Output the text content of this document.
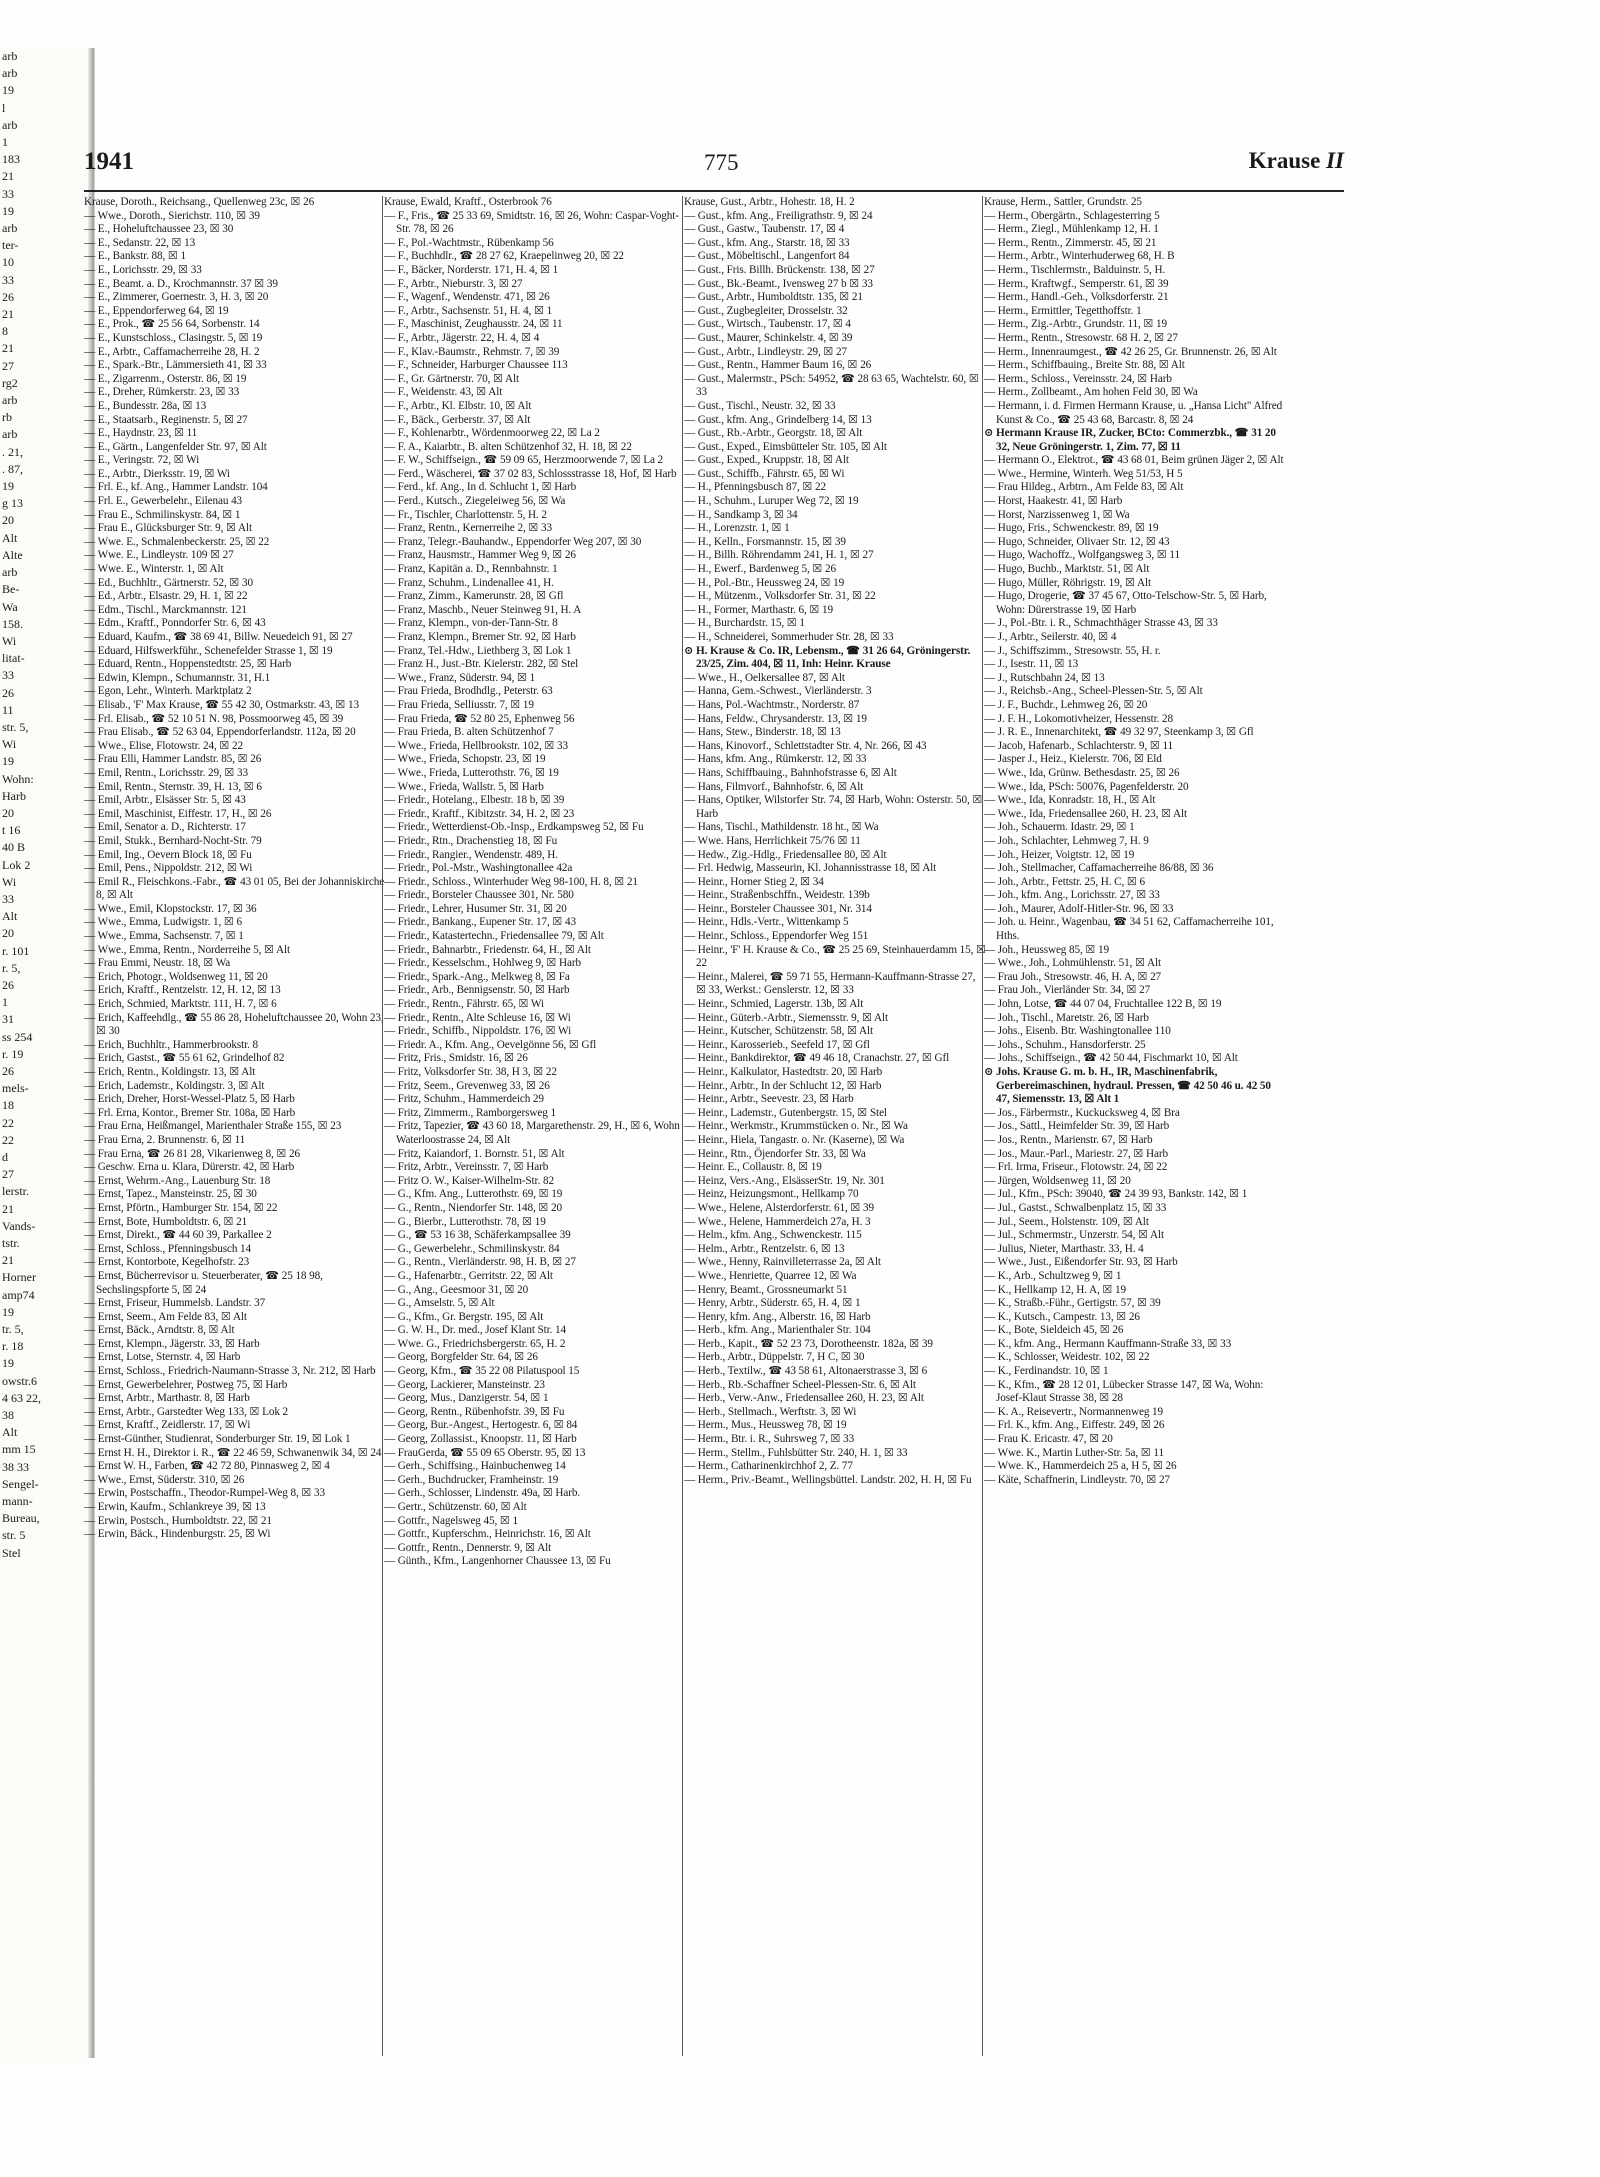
arb
arb
19
l
arb
1
183
21
33
19
arb
ter-
10
33
26
21
8
21
27
rg2
arb
rb
arb
. 21,
. 87,
19
g 13
20
Alt
Alte
arb
Be-
Wa
158.
Wi
litat-
33
26
11
str. 5,
Wi
19
Wohn:
Harb
20
t 16
40 B
Lok 2
Wi
33
Alt
20
r. 101
r. 5,
26
1
31
ss 254
r. 19
26
mels-
18
22
22
d
27
lerstr.
21
Vands-
tstr.
21
Horner
amp74
19
tr. 5,
r. 18
19
owstr.6
4 63 22,
38
Alt
mm 15
38 33
Sengel-
mann-
Bureau,
str. 5
Stel
1941	775	Krause II
Krause, Doroth., Reichsang., Quellenweg 23c, ☒ 26
— Wwe., Doroth., Sierichstr. 110, ☒ 39
— E., Hoheluftchaussee 23, ☒ 30
— E., Sedanstr. 22, ☒ 13
— E., Bankstr. 88, ☒ 1
— E., Lorichsstr. 29, ☒ 33
— E., Beamt. a. D., Krochmannstr. 37 ☒ 39
— E., Zimmerer, Goernestr. 3, H. 3, ☒ 20
— E., Eppendorferweg 64, ☒ 19
— E., Prok., ☎ 25 56 64, Sorbenstr. 14
— E., Kunstschloss., Clasingstr. 5, ☒ 19
— E., Arbtr., Caffamacherreihe 28, H. 2
— E., Spark.-Btr., Lämmersieth 41, ☒ 33
— E., Zigarrenm., Osterstr. 86, ☒ 19
— E., Dreher, Rümkerstr. 23, ☒ 33
— E., Bundesstr. 28a, ☒ 13
— E., Staatsarb., Reginenstr. 5, ☒ 27
— E., Haydnstr. 23, ☒ 11
— E., Gärtn., Langenfelder Str. 97, ☒ Alt
— E., Veringstr. 72, ☒ Wi
— E., Arbtr., Dierksstr. 19, ☒ Wi
— Frl. E., kf. Ang., Hammer Landstr. 104
— Frl. E., Gewerbelehr., Eilenau 43
— Frau E., Schmilinskystr. 84, ☒ 1
— Frau E., Glücksburger Str. 9, ☒ Alt
— Wwe. E., Schmalenbeckerstr. 25, ☒ 22
— Wwe. E., Lindleystr. 109 ☒ 27
— Wwe. E., Winterstr. 1, ☒ Alt
— Ed., Buchhltr., Gärtnerstr. 52, ☒ 30
— Ed., Arbtr., Elsastr. 29, H. 1, ☒ 22
— Edm., Tischl., Marckmannstr. 121
— Edm., Kraftf., Ponndorfer Str. 6, ☒ 43
— Eduard, Kaufm., ☎ 38 69 41, Billw. Neuedeich 91, ☒ 27
— Eduard, Hilfswerkführ., Schenefelder Strasse 1, ☒ 19
— Eduard, Rentn., Hoppenstedtstr. 25, ☒ Harb
— Edwin, Klempn., Schumannstr. 31, H.1
— Egon, Lehr., Winterh. Marktplatz 2
— Elisab., 'F' Max Krause, ☎ 55 42 30, Ostmarkstr. 43, ☒ 13
— Frl. Elisab., ☎ 52 10 51 N. 98, Possmoorweg 45, ☒ 39
— Frau Elisab., ☎ 52 63 04, Eppendorferlandstr. 112a, ☒ 20
— Wwe., Elise, Flotowstr. 24, ☒ 22
— Frau Elli, Hammer Landstr. 85, ☒ 26
— Emil, Rentn., Lorichsstr. 29, ☒ 33
— Emil, Rentn., Sternstr. 39, H. 13, ☒ 6
— Emil, Arbtr., Elsässer Str. 5, ☒ 43
— Emil, Maschinist, Eiffestr. 17, H., ☒ 26
— Emil, Senator a. D., Richterstr. 17
— Emil, Stukk., Bernhard-Nocht-Str. 79
— Emil, Ing., Oevern Block 18, ☒ Fu
— Emil, Pens., Nippoldstr. 212, ☒ Wi
— Emil R., Fleischkons.-Fabr., ☎ 43 01 05, Bei der Johanniskirche 8, ☒ Alt
— Wwe., Emil, Klopstockstr. 17, ☒ 36
— Wwe., Emma, Ludwigstr. 1, ☒ 6
— Wwe., Emma, Sachsenstr. 7, ☒ 1
— Wwe., Emma, Rentn., Norderreihe 5, ☒ Alt
— Frau Emmi, Neustr. 18, ☒ Wa
— Erich, Photogr., Woldsenweg 11, ☒ 20
— Erich, Kraftf., Rentzelstr. 12, H. 12, ☒ 13
— Erich, Schmied, Marktstr. 111, H. 7, ☒ 6
— Erich, Kaffeehdlg., ☎ 55 86 28, Hoheluftchaussee 20, Wohn 23, ☒ 30
— Erich, Buchhltr., Hammerbrookstr. 8
— Erich, Gastst., ☎ 55 61 62, Grindelhof 82
— Erich, Rentn., Koldingstr. 13, ☒ Alt
— Erich, Lademstr., Koldingstr. 3, ☒ Alt
— Erich, Dreher, Horst-Wessel-Platz 5, ☒ Harb
— Frl. Erna, Kontor., Bremer Str. 108a, ☒ Harb
— Frau Erna, Heißmangel, Marienthaler Straße 155, ☒ 23
— Frau Erna, 2. Brunnenstr. 6, ☒ 11
— Frau Erna, ☎ 26 81 28, Vikarienweg 8, ☒ 26
— Geschw. Erna u. Klara, Dürerstr. 42, ☒ Harb
— Ernst, Wehrm.-Ang., Lauenburg Str. 18
— Ernst, Tapez., Mansteinstr. 25, ☒ 30
— Ernst, Pförtn., Hamburger Str. 154, ☒ 22
— Ernst, Bote, Humboldtstr. 6, ☒ 21
— Ernst, Direkt., ☎ 44 60 39, Parkallee 2
— Ernst, Schloss., Pfenningsbusch 14
— Ernst, Kontorbote, Kegelhofstr. 23
— Ernst, Bücherrevisor u. Steuerberater, ☎ 25 18 98, Sechslingspforte 5, ☒ 24
— Ernst, Friseur, Hummelsb. Landstr. 37
— Ernst, Seem., Am Felde 83, ☒ Alt
— Ernst, Bäck., Arndtstr. 8, ☒ Alt
— Ernst, Klempn., Jägerstr. 33, ☒ Harb
— Ernst, Lotse, Sternstr. 4, ☒ Harb
— Ernst, Schloss., Friedrich-Naumann-Strasse 3, Nr. 212, ☒ Harb
— Ernst, Gewerbelehrer, Postweg 75, ☒ Harb
— Ernst, Arbtr., Marthastr. 8, ☒ Harb
— Ernst, Arbtr., Garstedter Weg 133, ☒ Lok 2
— Ernst, Kraftf., Zeidlerstr. 17, ☒ Wi
— Ernst-Günther, Studienrat, Sonderburger Str. 19, ☒ Lok 1
— Ernst H. H., Direktor i. R., ☎ 22 46 59, Schwanenwik 34, ☒ 24
— Ernst W. H., Farben, ☎ 42 72 80, Pinnasweg 2, ☒ 4
— Wwe., Ernst, Süderstr. 310, ☒ 26
— Erwin, Postschaffn., Theodor-Rumpel-Weg 8, ☒ 33
— Erwin, Kaufm., Schlankreye 39, ☒ 13
— Erwin, Postsch., Humboldtstr. 22, ☒ 21
— Erwin, Bäck., Hindenburgstr. 25, ☒ Wi
Krause, Ewald, Kraftf., Osterbrook 76
— F., Fris., ☎ 25 33 69, Smidtstr. 16, ☒ 26, Wohn: Caspar-Voght-Str. 78, ☒ 26
— F., Pol.-Wachtmstr., Rübenkamp 56
— F., Buchhdlr., ☎ 28 27 62, Kraepelinweg 20, ☒ 22
— F., Bäcker, Norderstr. 171, H. 4, ☒ 1
— F., Arbtr., Nieburstr. 3, ☒ 27
— F., Wagenf., Wendenstr. 471, ☒ 26
— F., Arbtr., Sachsenstr. 51, H. 4, ☒ 1
— F., Maschinist, Zeughausstr. 24, ☒ 11
— F., Arbtr., Jägerstr. 22, H. 4, ☒ 4
— F., Klav.-Baumstr., Rehmstr. 7, ☒ 39
— F., Schneider, Harburger Chaussee 113
— F., Gr. Gärtnerstr. 70, ☒ Alt
— F., Weidenstr. 43, ☒ Alt
— F., Arbtr., Kl. Elbstr. 10, ☒ Alt
— F., Bäck., Gerberstr. 37, ☒ Alt
— F., Kohlenarbtr., Wördenmoorweg 22, ☒ La 2
— F. A., Kaiarbtr., B. alten Schützenhof 32, H. 18, ☒ 22
— F. W., Schiffseign., ☎ 59 09 65, Herzmoorwende 7, ☒ La 2
— Ferd., Wäscherei, ☎ 37 02 83, Schlossstrasse 18, Hof, ☒ Harb
— Ferd., kf. Ang., In d. Schlucht 1, ☒ Harb
— Ferd., Kutsch., Ziegeleiweg 56, ☒ Wa
— Fr., Tischler, Charlottenstr. 5, H. 2
— Franz, Rentn., Kernerreihe 2, ☒ 33
— Franz, Telegr.-Bauhandw., Eppendorfer Weg 207, ☒ 30
— Franz, Hausmstr., Hammer Weg 9, ☒ 26
— Franz, Kapitän a. D., Rennbahnstr. 1
— Franz, Schuhm., Lindenallee 41, H.
— Franz, Zimm., Kamerunstr. 28, ☒ Gfl
— Franz, Maschb., Neuer Steinweg 91, H. A
— Franz, Klempn., von-der-Tann-Str. 8
— Franz, Klempn., Bremer Str. 92, ☒ Harb
— Franz, Tel.-Hdw., Liethberg 3, ☒ Lok 1
— Franz H., Just.-Btr. Kielerstr. 282, ☒ Stel
— Wwe., Franz, Süderstr. 94, ☒ 1
— Frau Frieda, Brodhdlg., Peterstr. 63
— Frau Frieda, Selliusstr. 7, ☒ 19
— Frau Frieda, ☎ 52 80 25, Ephenweg 56
— Frau Frieda, B. alten Schützenhof 7
— Wwe., Frieda, Hellbrookstr. 102, ☒ 33
— Wwe., Frieda, Schopstr. 23, ☒ 19
— Wwe., Frieda, Lutterothstr. 76, ☒ 19
— Wwe., Frieda, Wallstr. 5, ☒ Harb
— Friedr., Hotelang., Elbestr. 18 b, ☒ 39
— Friedr., Kraftf., Kibitzstr. 34, H. 2, ☒ 23
— Friedr., Wetterdienst-Ob.-Insp., Erdkampsweg 52, ☒ Fu
— Friedr., Rtn., Drachenstieg 18, ☒ Fu
— Friedr., Rangier., Wendenstr. 489, H.
— Friedr., Pol.-Mstr., Washingtonallee 42a
— Friedr., Schloss., Winterhuder Weg 98-100, H. 8, ☒ 21
— Friedr., Borsteler Chaussee 301, Nr. 580
— Friedr., Lehrer, Husumer Str. 31, ☒ 20
— Friedr., Bankang., Eupener Str. 17, ☒ 43
— Friedr., Katastertechn., Friedensallee 79, ☒ Alt
— Friedr., Bahnarbtr., Friedenstr. 64, H., ☒ Alt
— Friedr., Kesselschm., Hohlweg 9, ☒ Harb
— Friedr., Spark.-Ang., Melkweg 8, ☒ Fa
— Friedr., Arb., Bennigsenstr. 50, ☒ Harb
— Friedr., Rentn., Fährstr. 65, ☒ Wi
— Friedr., Rentn., Alte Schleuse 16, ☒ Wi
— Friedr., Schiffb., Nippoldstr. 176, ☒ Wi
— Friedr. A., Kfm. Ang., Oevelgönne 56, ☒ Gfl
— Fritz, Fris., Smidstr. 16, ☒ 26
— Fritz, Volksdorfer Str. 38, H 3, ☒ 22
— Fritz, Seem., Grevenweg 33, ☒ 26
— Fritz, Schuhm., Hammerdeich 29
— Fritz, Zimmerm., Ramborgersweg 1
— Fritz, Tapezier, ☎ 43 60 18, Margarethenstr. 29, H., ☒ 6, Wohn Waterloostrasse 24, ☒ Alt
— Fritz, Kaiandorf, 1. Bornstr. 51, ☒ Alt
— Fritz, Arbtr., Vereinsstr. 7, ☒ Harb
— Fritz O. W., Kaiser-Wilhelm-Str. 82
— G., Kfm. Ang., Lutterothstr. 69, ☒ 19
— G., Rentn., Niendorfer Str. 148, ☒ 20
— G., Bierbr., Lutterothstr. 78, ☒ 19
— G., ☎ 53 16 38, Schäferkampsallee 39
— G., Gewerbelehr., Schmilinskystr. 84
— G., Rentn., Vierländerstr. 98, H. B, ☒ 27
— G., Hafenarbtr., Gerritstr. 22, ☒ Alt
— G., Ang., Geesmoor 31, ☒ 20
— G., Amselstr. 5, ☒ Alt
— G., Kfm., Gr. Bergstr. 195, ☒ Alt
— G. W. H., Dr. med., Josef Klant Str. 14
— Wwe. G., Friedrichsbergerstr. 65, H. 2
— Georg, Borgfelder Str. 64, ☒ 26
— Georg, Kfm., ☎ 35 22 08 Pilatuspool 15
— Georg, Lackierer, Mansteinstr. 23
— Georg, Mus., Danzigerstr. 54, ☒ 1
— Georg, Rentn., Rübenhofstr. 39, ☒ Fu
— Georg, Bur.-Angest., Hertogestr. 6, ☒ 84
— Georg, Zollassist., Knoopstr. 11, ☒ Harb
— FrauGerda, ☎ 55 09 65 Oberstr. 95, ☒ 13
— Gerh., Schiffsing., Hainbuchenweg 14
— Gerh., Buchdrucker, Framheinstr. 19
— Gerh., Schlosser, Lindenstr. 49a, ☒ Harb.
— Gertr., Schützenstr. 60, ☒ Alt
— Gottfr., Nagelsweg 45, ☒ 1
— Gottfr., Kupferschm., Heinrichstr. 16, ☒ Alt
— Gottfr., Rentn., Dennerstr. 9, ☒ Alt
— Günth., Kfm., Langenhorner Chaussee 13, ☒ Fu
Krause, Gust., Arbtr., Hohestr. 18, H. 2
— Gust., kfm. Ang., Freiligrathstr. 9, ☒ 24
— Gust., Gastw., Taubenstr. 17, ☒ 4
— Gust., kfm. Ang., Starstr. 18, ☒ 33
— Gust., Möbeltischl., Langenfort 84
— Gust., Fris. Billh. Brückenstr. 138, ☒ 27
— Gust., Bk.-Beamt., Ivensweg 27 b ☒ 33
— Gust., Arbtr., Humboldtstr. 135, ☒ 21
— Gust., Zugbegleiter, Drosselstr. 32
— Gust., Wirtsch., Taubenstr. 17, ☒ 4
— Gust., Maurer, Schinkelstr. 4, ☒ 39
— Gust., Arbtr., Lindleystr. 29, ☒ 27
— Gust., Rentn., Hammer Baum 16, ☒ 26
— Gust., Malermstr., PSch: 54952, ☎ 28 63 65, Wachtelstr. 60, ☒ 33
— Gust., Tischl., Neustr. 32, ☒ 33
— Gust., kfm. Ang., Grindelberg 14, ☒ 13
— Gust., Rb.-Arbtr., Georgstr. 18, ☒ Alt
— Gust., Exped., Eimsbütteler Str. 105, ☒ Alt
— Gust., Exped., Kruppstr. 18, ☒ Alt
— Gust., Schiffb., Fährstr. 65, ☒ Wi
— H., Pfenningsbusch 87, ☒ 22
— H., Schuhm., Luruper Weg 72, ☒ 19
— H., Sandkamp 3, ☒ 34
— H., Lorenzstr. 1, ☒ 1
— H., Kelln., Forsmannstr. 15, ☒ 39
— H., Billh. Röhrendamm 241, H. 1, ☒ 27
— H., Ewerf., Bardenweg 5, ☒ 26
— H., Pol.-Btr., Heussweg 24, ☒ 19
— H., Mützenm., Volksdorfer Str. 31, ☒ 22
— H., Former, Marthastr. 6, ☒ 19
— H., Burchardstr. 15, ☒ 1
— H., Schneiderei, Sommerhuder Str. 28, ☒ 33
⊙ H. Krause & Co. IR, Lebensm., ☎ 31 26 64, Gröningerstr. 23/25, Zim. 404, ☒ 11, Inh: Heinr. Krause
— Wwe., H., Oelkersallee 87, ☒ Alt
— Hanna, Gem.-Schwest., Vierländerstr. 3
— Hans, Pol.-Wachtmstr., Norderstr. 87
— Hans, Feldw., Chrysanderstr. 13, ☒ 19
— Hans, Stew., Binderstr. 18, ☒ 13
— Hans, Kinovorf., Schlettstadter Str. 4, Nr. 266, ☒ 43
— Hans, kfm. Ang., Rümkerstr. 12, ☒ 33
— Hans, Schiffbauing., Bahnhofstrasse 6, ☒ Alt
— Hans, Filmvorf., Bahnhofstr. 6, ☒ Alt
— Hans, Optiker, Wilstorfer Str. 74, ☒ Harb, Wohn: Osterstr. 50, ☒ Harb
— Hans, Tischl., Mathildenstr. 18 ht., ☒ Wa
— Wwe. Hans, Herrlichkeit 75/76 ☒ 11
— Hedw., Zig.-Hdlg., Friedensallee 80, ☒ Alt
— Frl. Hedwig, Masseurin, Kl. Johannisstrasse 18, ☒ Alt
— Heinr., Horner Stieg 2, ☒ 34
— Heinr., Straßenbschffn., Weidestr. 139b
— Heinr., Borsteler Chaussee 301, Nr. 314
— Heinr., Hdls.-Vertr., Wittenkamp 5
— Heinr., Schloss., Eppendorfer Weg 151
— Heinr., 'F' H. Krause & Co., ☎ 25 25 69, Steinhauerdamm 15, ☒ 22
— Heinr., Malerei, ☎ 59 71 55, Hermann-Kauffmann-Strasse 27, ☒ 33, Werkst.: Genslerstr. 12, ☒ 33
— Heinr., Schmied, Lagerstr. 13b, ☒ Alt
— Heinr., Güterb.-Arbtr., Siemensstr. 9, ☒ Alt
— Heinr., Kutscher, Schützenstr. 58, ☒ Alt
— Heinr., Karosserieb., Seefeld 17, ☒ Gfl
— Heinr., Bankdirektor, ☎ 49 46 18, Cranachstr. 27, ☒ Gfl
— Heinr., Kalkulator, Hastedtstr. 20, ☒ Harb
— Heinr., Arbtr., In der Schlucht 12, ☒ Harb
— Heinr., Arbtr., Seevestr. 23, ☒ Harb
— Heinr., Lademstr., Gutenbergstr. 15, ☒ Stel
— Heinr., Werkmstr., Krummstücken o. Nr., ☒ Wa
— Heinr., Hiela, Tangastr. o. Nr. (Kaserne), ☒ Wa
— Heinr., Rtn., Öjendorfer Str. 33, ☒ Wa
— Heinr. E., Collaustr. 8, ☒ 19
— Heinz, Vers.-Ang., ElsässerStr. 19, Nr. 301
— Heinz, Heizungsmont., Hellkamp 70
— Wwe., Helene, Alsterdorferstr. 61, ☒ 39
— Wwe., Helene, Hammerdeich 27a, H. 3
— Helm., kfm. Ang., Schwenckestr. 115
— Helm., Arbtr., Rentzelstr. 6, ☒ 13
— Wwe., Henny, Rainvilleterrasse 2a, ☒ Alt
— Wwe., Henriette, Quarree 12, ☒ Wa
— Henry, Beamt., Grossneumarkt 51
— Henry, Arbtr., Süderstr. 65, H. 4, ☒ 1
— Henry, kfm. Ang., Alberstr. 16, ☒ Harb
— Herb., kfm. Ang., Marienthaler Str. 104
— Herb., Kapit., ☎ 52 23 73, Dorotheenstr. 182a, ☒ 39
— Herb., Arbtr., Düppelstr. 7, H C, ☒ 30
— Herb., Textilw., ☎ 43 58 61, Altonaerstrasse 3, ☒ 6
— Herb., Rb.-Schaffner Scheel-Plessen-Str. 6, ☒ Alt
— Herb., Verw.-Anw., Friedensallee 260, H. 23, ☒ Alt
— Herb., Stellmach., Werftstr. 3, ☒ Wi
— Herm., Mus., Heussweg 78, ☒ 19
— Herm., Btr. i. R., Suhrsweg 7, ☒ 33
— Herm., Stellm., Fuhlsbütter Str. 240, H. 1, ☒ 33
— Herm., Catharinenkirchhof 2, Z. 77
— Herm., Priv.-Beamt., Wellingsbüttel. Landstr. 202, H. H, ☒ Fu
Krause, Herm., Sattler, Grundstr. 25
— Herm., Obergärtn., Schlagesterring 5
— Herm., Ziegl., Mühlenkamp 12, H. 1
— Herm., Rentn., Zimmerstr. 45, ☒ 21
— Herm., Arbtr., Winterhuderweg 68, H. B
— Herm., Tischlermstr., Balduinstr. 5, H.
— Herm., Kraftwgf., Semperstr. 61, ☒ 39
— Herm., Handl.-Geh., Volksdorferstr. 21
— Herm., Ermittler, Tegetthoffstr. 1
— Herm., Zig.-Arbtr., Grundstr. 11, ☒ 19
— Herm., Rentn., Stresowstr. 68 H. 2, ☒ 27
— Herm., Innenraumgest., ☎ 42 26 25, Gr. Brunnenstr. 26, ☒ Alt
— Herm., Schiffbauing., Breite Str. 88, ☒ Alt
— Herm., Schloss., Vereinsstr. 24, ☒ Harb
— Herm., Zollbeamt., Am hohen Feld 30, ☒ Wa
— Hermann, i. d. Firmen Hermann Krause, u. „Hansa Licht" Alfred Kunst & Co., ☎ 25 43 68, Barcastr. 8, ☒ 24
⊙ Hermann Krause IR, Zucker, BCto: Commerzbk., ☎ 31 20 32, Neue Gröningerstr. 1, Zim. 77, ☒ 11
— Hermann O., Elektrot., ☎ 43 68 01, Beim grünen Jäger 2, ☒ Alt
— Wwe., Hermine, Winterh. Weg 51/53, H 5
— Frau Hildeg., Arbtrn., Am Felde 83, ☒ Alt
— Horst, Haakestr. 41, ☒ Harb
— Horst, Narzissenweg 1, ☒ Wa
— Hugo, Fris., Schwenckestr. 89, ☒ 19
— Hugo, Schneider, Olivaer Str. 12, ☒ 43
— Hugo, Wachoffz., Wolfgangsweg 3, ☒ 11
— Hugo, Buchb., Marktstr. 51, ☒ Alt
— Hugo, Müller, Röhrigstr. 19, ☒ Alt
— Hugo, Drogerie, ☎ 37 45 67, Otto-Telschow-Str. 5, ☒ Harb, Wohn: Dürerstrasse 19, ☒ Harb
— J., Pol.-Btr. i. R., Schmachthäger Strasse 43, ☒ 33
— J., Arbtr., Seilerstr. 40, ☒ 4
— J., Schiffszimm., Stresowstr. 55, H. r.
— J., Isestr. 11, ☒ 13
— J., Rutschbahn 24, ☒ 13
— J., Reichsb.-Ang., Scheel-Plessen-Str. 5, ☒ Alt
— J. F., Buchdr., Lehmweg 26, ☒ 20
— J. F. H., Lokomotivheizer, Hessenstr. 28
— J. R. E., Innenarchitekt, ☎ 49 32 97, Steenkamp 3, ☒ Gfl
— Jacob, Hafenarb., Schlachterstr. 9, ☒ 11
— Jasper J., Heiz., Kielerstr. 706, ☒ Eld
— Wwe., Ida, Grünw. Bethesdastr. 25, ☒ 26
— Wwe., Ida, PSch: 50076, Pagenfelderstr. 20
— Wwe., Ida, Konradstr. 18, H., ☒ Alt
— Wwe., Ida, Friedensallee 260, H. 23, ☒ Alt
— Joh., Schauerm. Idastr. 29, ☒ 1
— Joh., Schlachter, Lehmweg 7, H. 9
— Joh., Heizer, Voigtstr. 12, ☒ 19
— Joh., Stellmacher, Caffamacherreihe 86/88, ☒ 36
— Joh., Arbtr., Fettstr. 25, H. C, ☒ 6
— Joh., kfm. Ang., Lorichsstr. 27, ☒ 33
— Joh., Maurer, Adolf-Hitler-Str. 96, ☒ 33
— Joh. u. Heinr., Wagenbau, ☎ 34 51 62, Caffamacherreihe 101, Hths.
— Joh., Heussweg 85, ☒ 19
— Wwe., Joh., Lohmühlenstr. 51, ☒ Alt
— Frau Joh., Stresowstr. 46, H. A, ☒ 27
— Frau Joh., Vierländer Str. 34, ☒ 27
— John, Lotse, ☎ 44 07 04, Fruchtallee 122 B, ☒ 19
— Joh., Tischl., Maretstr. 26, ☒ Harb
— Johs., Eisenb. Btr. Washingtonallee 110
— Johs., Schuhm., Hansdorferstr. 25
— Johs., Schiffseign., ☎ 42 50 44, Fischmarkt 10, ☒ Alt
⊙ Johs. Krause G. m. b. H., IR, Maschinenfabrik, Gerbereimaschinen, hydraul. Pressen, ☎ 42 50 46 u. 42 50 47, Siemensstr. 13, ☒ Alt 1
— Jos., Färbermstr., Kuckucksweg 4, ☒ Bra
— Jos., Sattl., Heimfelder Str. 39, ☒ Harb
— Jos., Rentn., Marienstr. 67, ☒ Harb
— Jos., Maur.-Parl., Mariestr. 27, ☒ Harb
— Frl. Irma, Friseur., Flotowstr. 24, ☒ 22
— Jürgen, Woldsenweg 11, ☒ 20
— Jul., Kfm., PSch: 39040, ☎ 24 39 93, Bankstr. 142, ☒ 1
— Jul., Gastst., Schwalbenplatz 15, ☒ 33
— Jul., Seem., Holstenstr. 109, ☒ Alt
— Jul., Schmermstr., Unzerstr. 54, ☒ Alt
— Julius, Nieter, Marthastr. 33, H. 4
— Wwe., Just., Eißendorfer Str. 93, ☒ Harb
— K., Arb., Schultzweg 9, ☒ 1
— K., Hellkamp 12, H. A, ☒ 19
— K., Straßb.-Führ., Gertigstr. 57, ☒ 39
— K., Kutsch., Campestr. 13, ☒ 26
— K., Bote, Sieldeich 45, ☒ 26
— K., kfm. Ang., Hermann Kauffmann-Straße 33, ☒ 33
— K., Schlosser, Weidestr. 102, ☒ 22
— K., Ferdinandstr. 10, ☒ 1
— K., Kfm., ☎ 28 12 01, Lübecker Strasse 147, ☒ Wa, Wohn: Josef-Klaut Strasse 38, ☒ 28
— K. A., Reisevertr., Normannenweg 19
— Frl. K., kfm. Ang., Eiffestr. 249, ☒ 26
— Frau K. Ericastr. 47, ☒ 20
— Wwe. K., Martin Luther-Str. 5a, ☒ 11
— Wwe. K., Hammerdeich 25 a, H 5, ☒ 26
— Käte, Schaffnerin, Lindleystr. 70, ☒ 27
